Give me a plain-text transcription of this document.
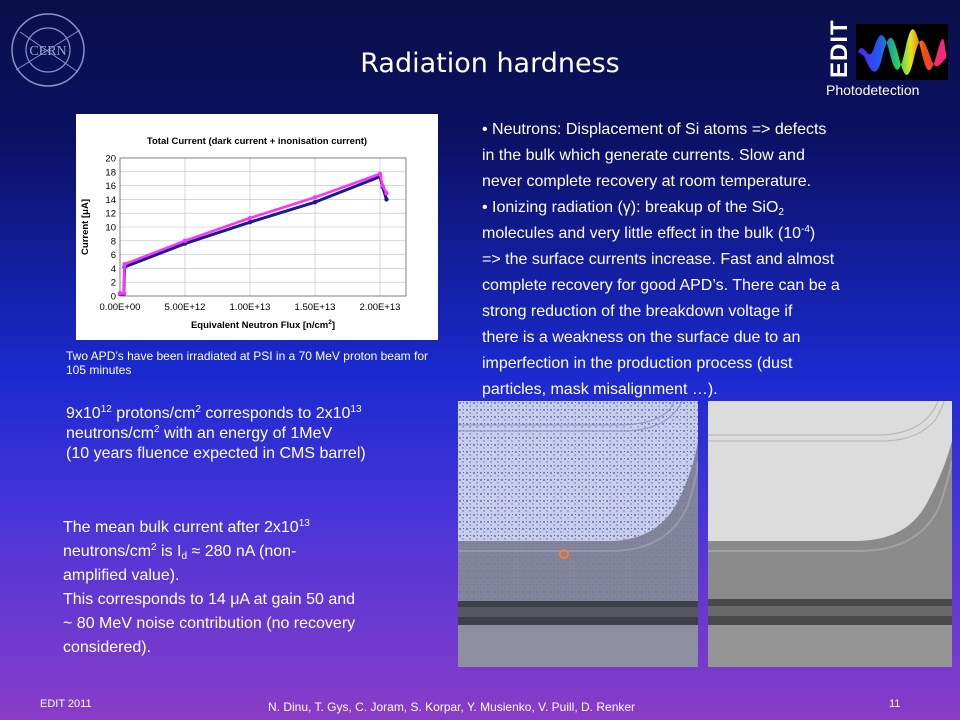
CERN	Radiation hardness	EDIT
Photodetection
Total Current (dark current + inonisation current)
0
2
4
6
8
10
12
14
16
18
20
0.00E+00	5.00E+12	1.00E+13	1.50E+13	2.00E+13
Equivalent Neutron Flux $[n/cm^2]$
Current [μA]
Two APD’s have been irradiated at PSI in a 70 MeV proton beam for 105 minutes
$9x10^{12}$ protons/$cm^2$ corresponds to $2x10^{13}$
neutrons/$cm^2$ with an energy of 1MeV
(10 years fluence expected in CMS barrel)
The mean bulk current after $2x10^{13}$
neutrons/$cm^2$ is $I_d \approx 280$ nA (non-
amplified value).
This corresponds to 14 μA at gain 50 and
~ 80 MeV noise contribution (no recovery
considered).
• Neutrons: Displacement of Si atoms => defects
in the bulk which generate currents. Slow and
never complete recovery at room temperature.
• Ionizing radiation (γ): breakup of the SiO$_2$
molecules and very little effect in the bulk $(10^{-4})$
=> the surface currents increase. Fast and almost
complete recovery for good APD’s. There can be a
strong reduction of the breakdown voltage if
there is a weakness on the surface due to an
imperfection in the production process (dust
particles, mask misalignment …).
EDIT 2011	N. Dinu, T. Gys, C. Joram, S. Korpar, Y. Musienko, V. Puill, D. Renker	11
